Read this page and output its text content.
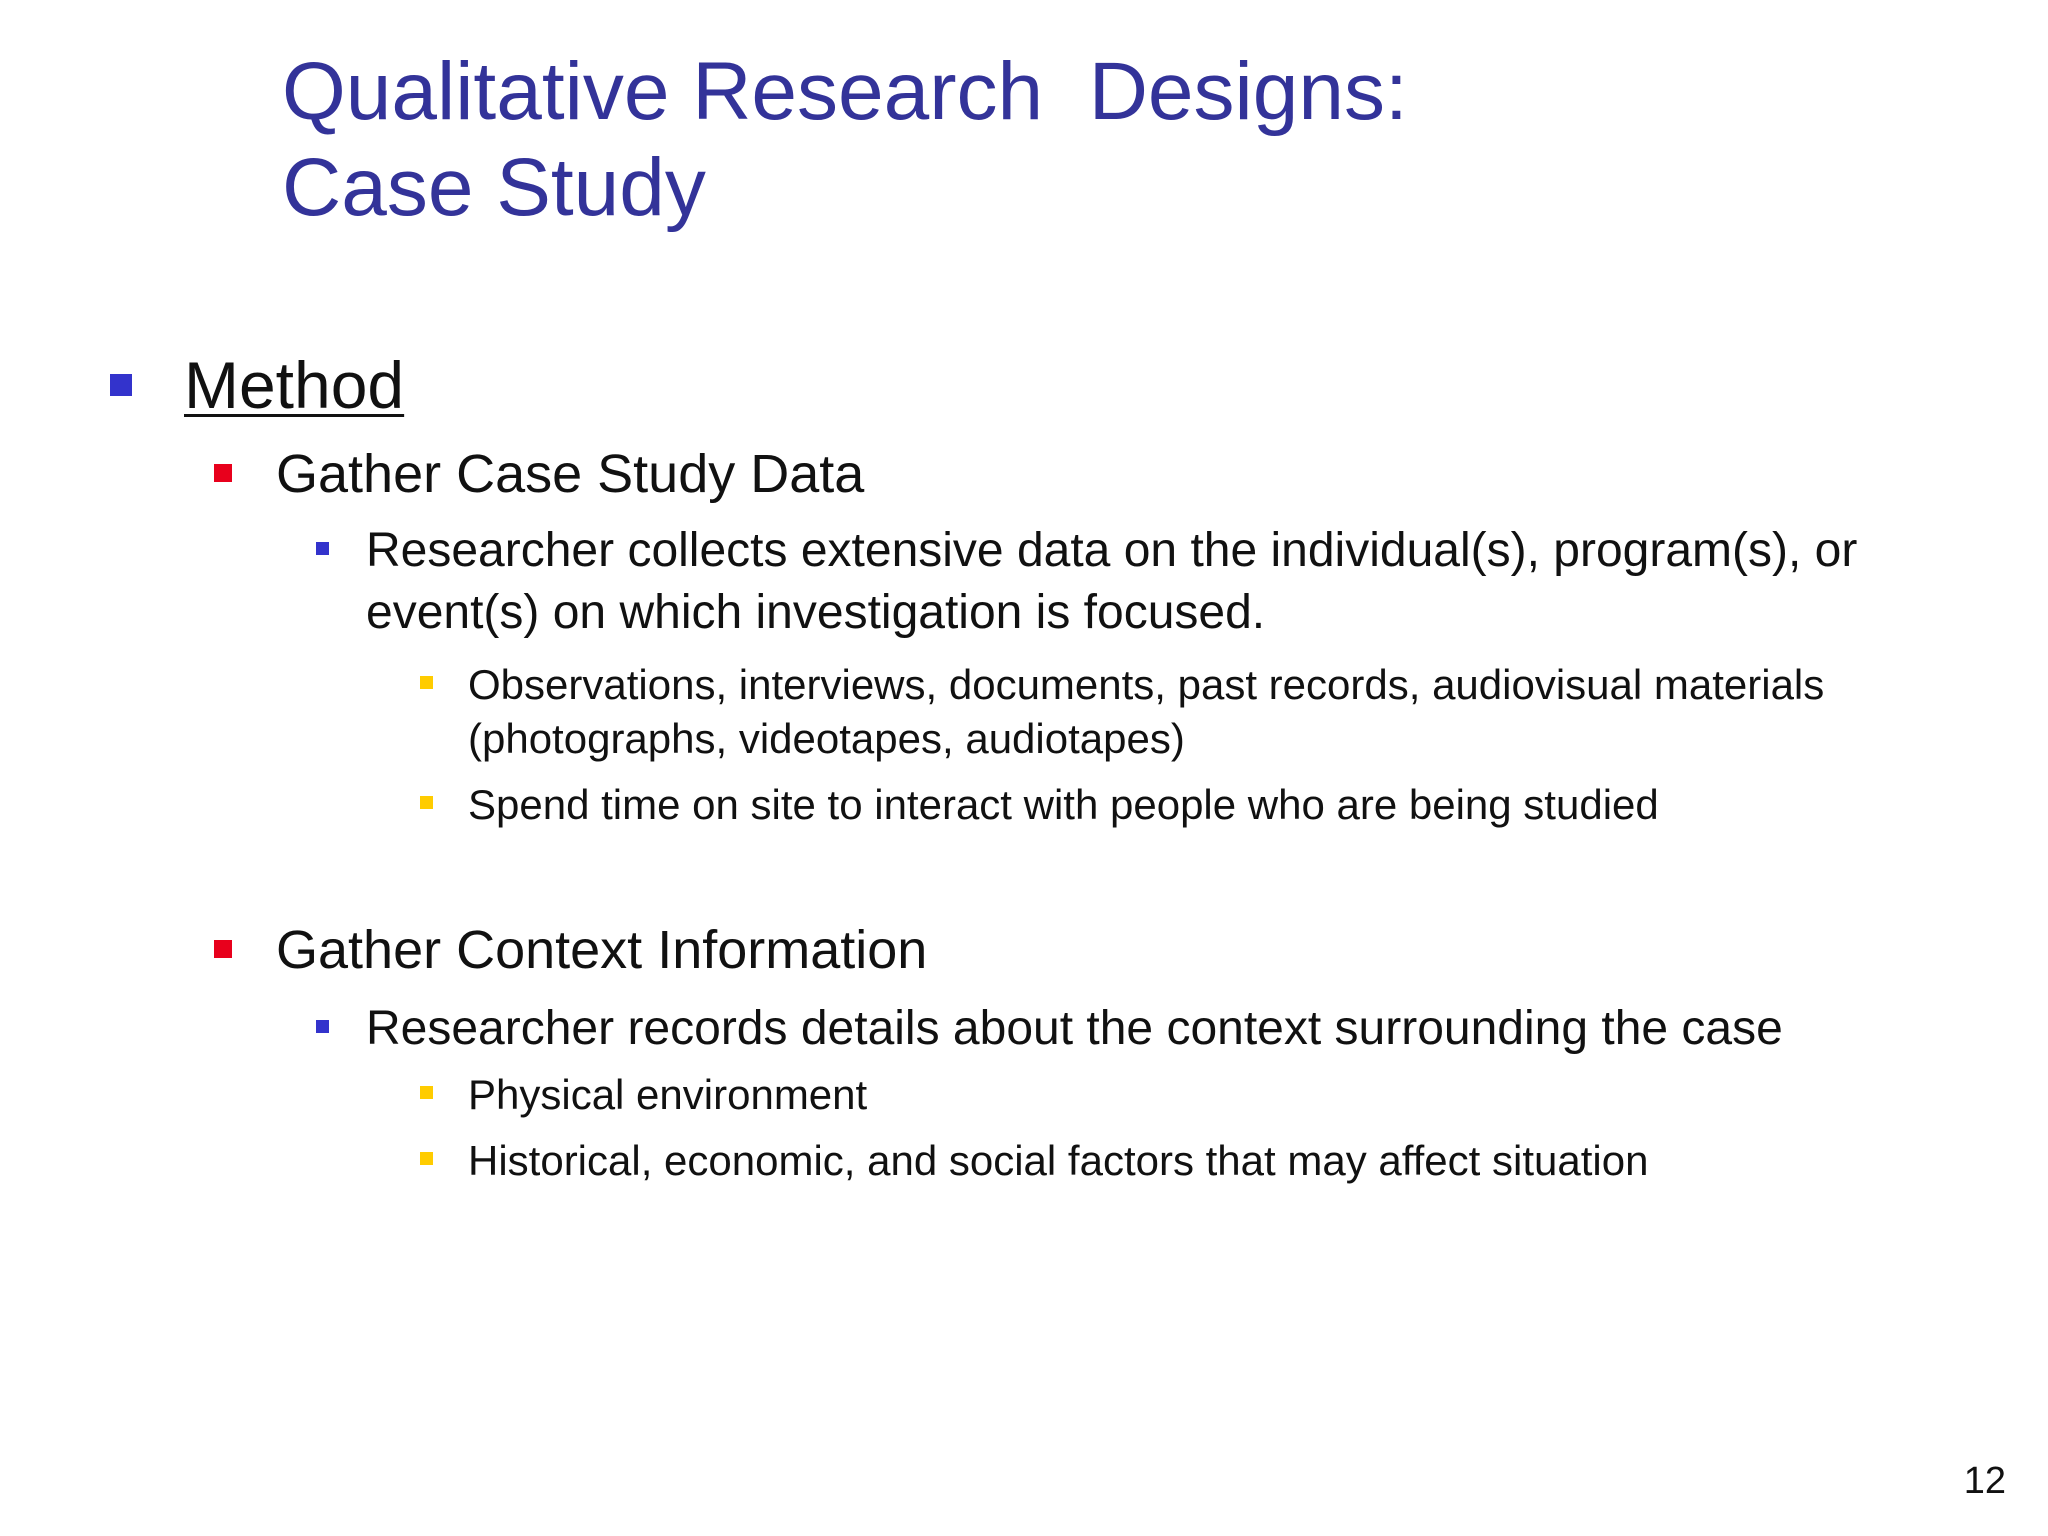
Qualitative Research  Designs:
Case Study
Method
Gather Case Study Data
Researcher collects extensive data on the individual(s), program(s), or event(s) on which investigation is focused.
Observations, interviews, documents, past records, audiovisual materials (photographs, videotapes, audiotapes)
Spend time on site to interact with people who are being studied
Gather Context Information
Researcher records details about the context surrounding the case
Physical environment
Historical, economic, and social factors that may affect situation
12
